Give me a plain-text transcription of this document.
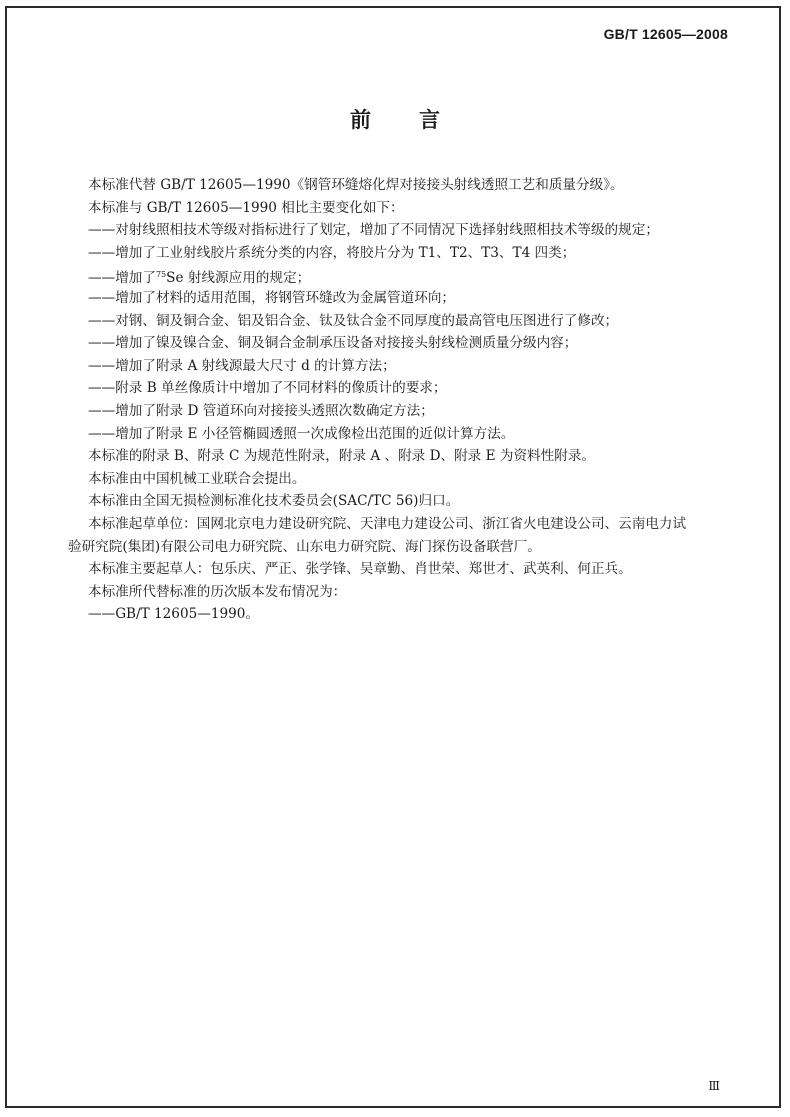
GB/T 12605—2008
前言
本标准代替 GB/T 12605—1990《钢管环缝熔化焊对接接头射线透照工艺和质量分级》。
本标准与 GB/T 12605—1990 相比主要变化如下：
——对射线照相技术等级对指标进行了划定，增加了不同情况下选择射线照相技术等级的规定；
——增加了工业射线胶片系统分类的内容，将胶片分为 T1、T2、T3、T4 四类；
——增加了$^{75}$Se 射线源应用的规定；
——增加了材料的适用范围，将钢管环缝改为金属管道环向；
——对钢、铜及铜合金、铝及铝合金、钛及钛合金不同厚度的最高管电压图进行了修改；
——增加了镍及镍合金、铜及铜合金制承压设备对接接头射线检测质量分级内容；
——增加了附录 A 射线源最大尺寸 d 的计算方法；
——附录 B 单丝像质计中增加了不同材料的像质计的要求；
——增加了附录 D 管道环向对接接头透照次数确定方法；
——增加了附录 E 小径管椭圆透照一次成像检出范围的近似计算方法。
本标准的附录 B、附录 C 为规范性附录，附录 A 、附录 D、附录 E 为资料性附录。
本标准由中国机械工业联合会提出。
本标准由全国无损检测标准化技术委员会(SAC/TC 56)归口。
本标准起草单位：国网北京电力建设研究院、天津电力建设公司、浙江省火电建设公司、云南电力试
验研究院(集团)有限公司电力研究院、山东电力研究院、海门探伤设备联营厂。
本标准主要起草人：包乐庆、严正、张学锋、吴章勤、肖世荣、郑世才、武英利、何正兵。
本标准所代替标准的历次版本发布情况为：
——GB/T 12605—1990。
Ⅲ
